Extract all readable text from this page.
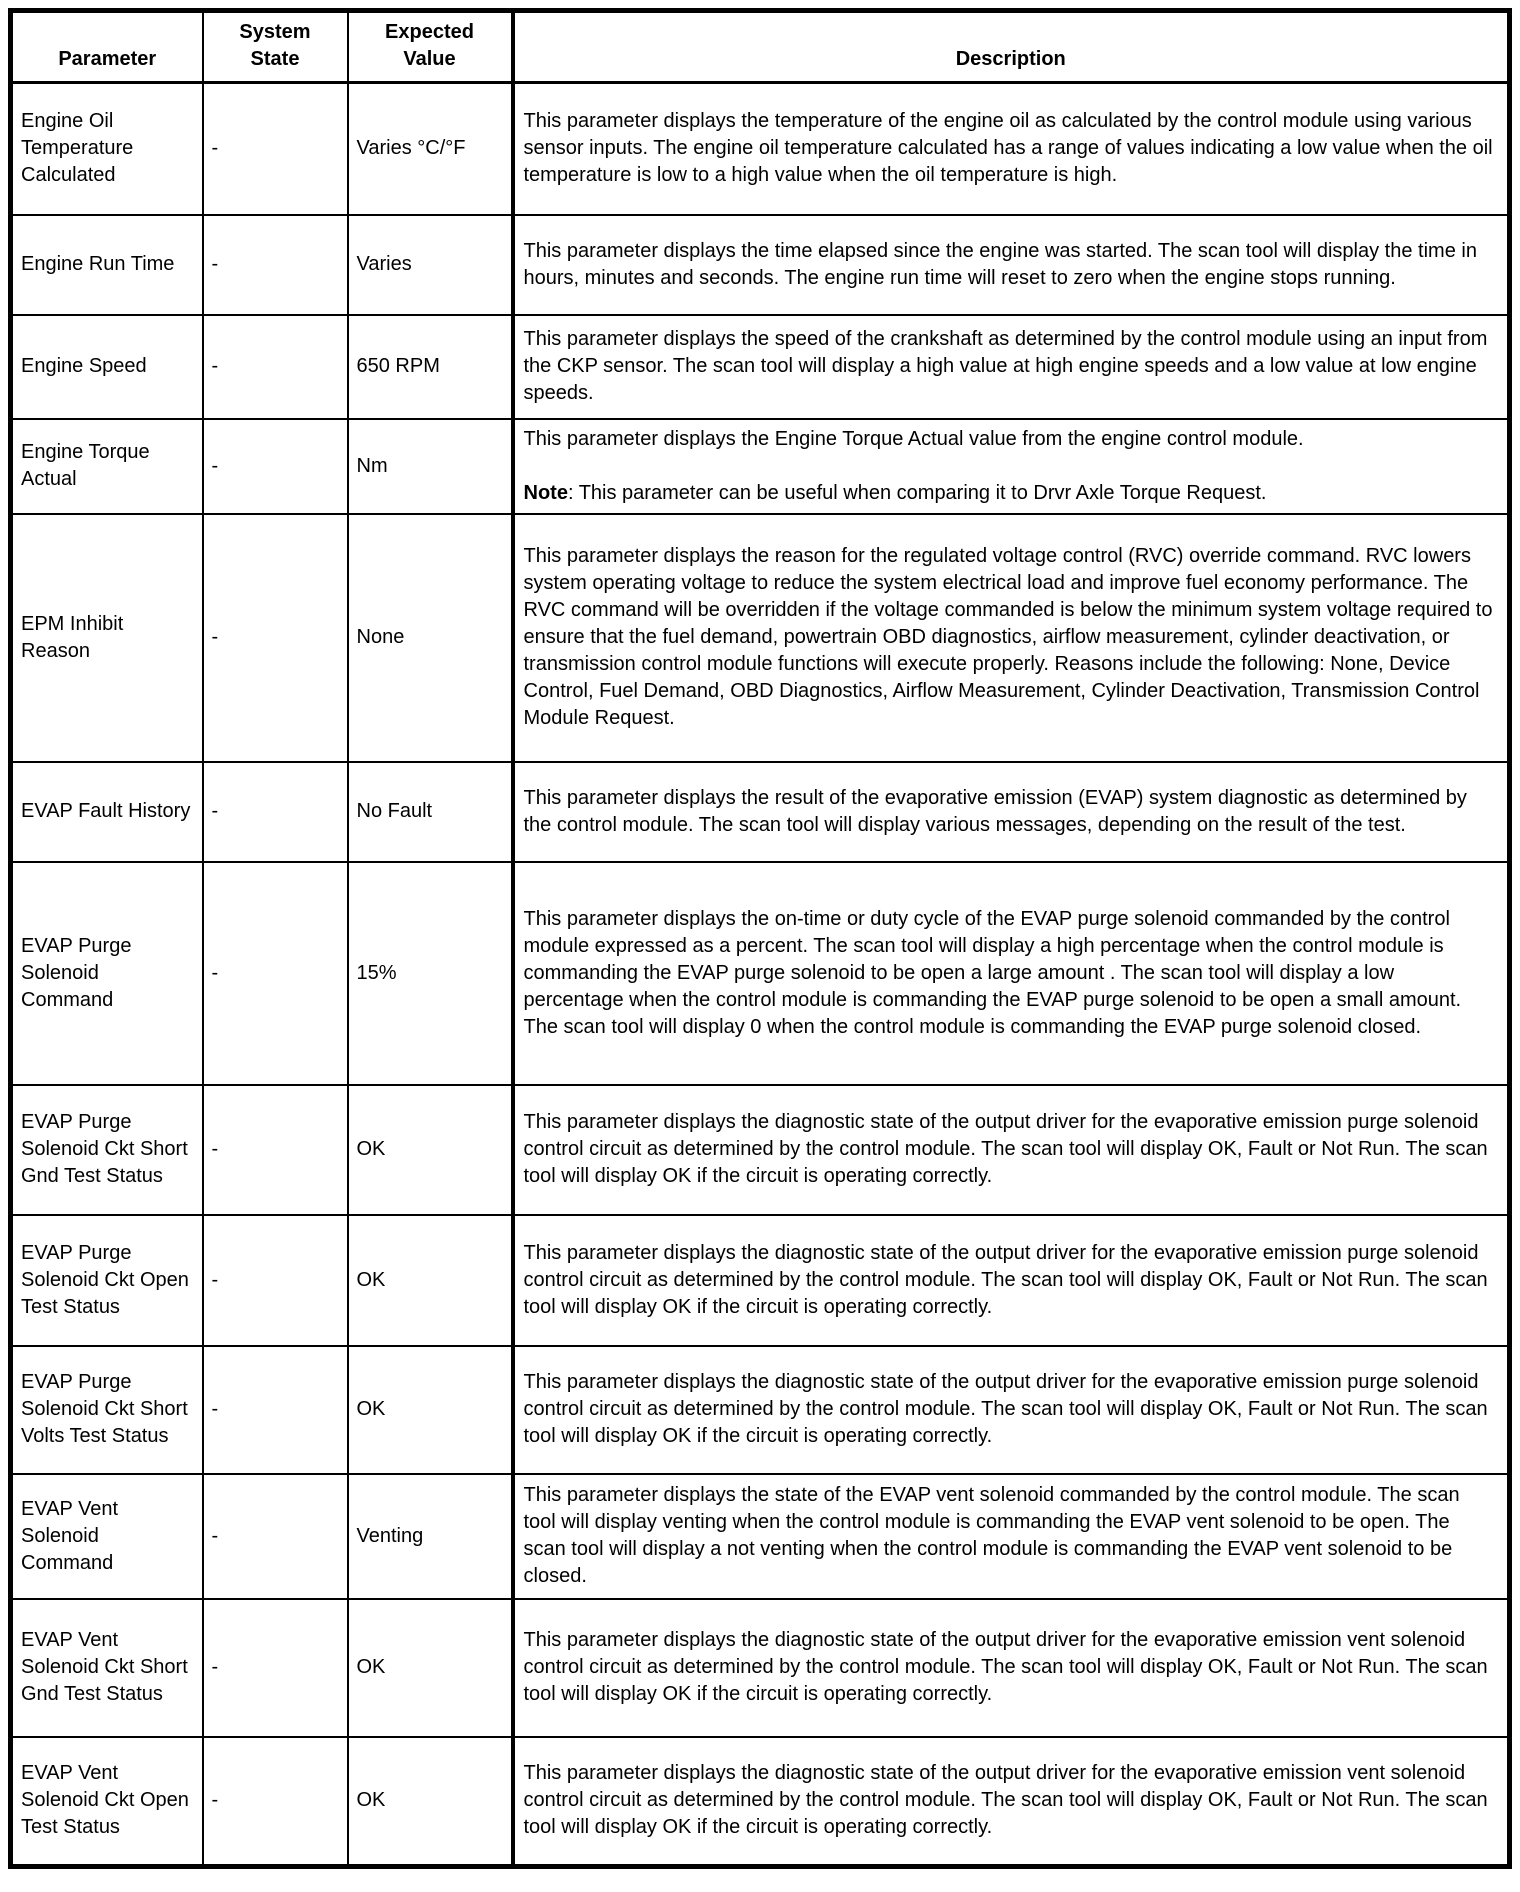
Parameter	System State	Expected Value	Description
Engine Oil Temperature Calculated	-	Varies °C/°F	This parameter displays the temperature of the engine oil as calculated by the control module using various sensor inputs. The engine oil temperature calculated has a range of values indicating a low value when the oil temperature is low to a high value when the oil temperature is high.
Engine Run Time	-	Varies	This parameter displays the time elapsed since the engine was started. The scan tool will display the time in hours, minutes and seconds. The engine run time will reset to zero when the engine stops running.
Engine Speed	-	650 RPM	This parameter displays the speed of the crankshaft as determined by the control module using an input from the CKP sensor. The scan tool will display a high value at high engine speeds and a low value at low engine speeds.
Engine Torque Actual	-	Nm	This parameter displays the Engine Torque Actual value from the engine control module.

Note: This parameter can be useful when comparing it to Drvr Axle Torque Request.

EPM Inhibit Reason	-	None	This parameter displays the reason for the regulated voltage control (RVC) override command. RVC lowers system operating voltage to reduce the system electrical load and improve fuel economy performance. The RVC command will be overridden if the voltage commanded is below the minimum system voltage required to ensure that the fuel demand, powertrain OBD diagnostics, airflow measurement, cylinder deactivation, or transmission control module functions will execute properly. Reasons include the following: None, Device Control, Fuel Demand, OBD Diagnostics, Airflow Measurement, Cylinder Deactivation, Transmission Control Module Request.
EVAP Fault History	-	No Fault	This parameter displays the result of the evaporative emission (EVAP) system diagnostic as determined by the control module. The scan tool will display various messages, depending on the result of the test.
EVAP Purge Solenoid Command	-	15%	This parameter displays the on-time or duty cycle of the EVAP purge solenoid commanded by the control module expressed as a percent. The scan tool will display a high percentage when the control module is commanding the EVAP purge solenoid to be open a large amount . The scan tool will display a low percentage when the control module is commanding the EVAP purge solenoid to be open a small amount. The scan tool will display 0 when the control module is commanding the EVAP purge solenoid closed.
EVAP Purge Solenoid Ckt Short Gnd Test Status	-	OK	This parameter displays the diagnostic state of the output driver for the evaporative emission purge solenoid control circuit as determined by the control module. The scan tool will display OK, Fault or Not Run. The scan tool will display OK if the circuit is operating correctly.
EVAP Purge Solenoid Ckt Open Test Status	-	OK	This parameter displays the diagnostic state of the output driver for the evaporative emission purge solenoid control circuit as determined by the control module. The scan tool will display OK, Fault or Not Run. The scan tool will display OK if the circuit is operating correctly.
EVAP Purge Solenoid Ckt Short Volts Test Status	-	OK	This parameter displays the diagnostic state of the output driver for the evaporative emission purge solenoid control circuit as determined by the control module. The scan tool will display OK, Fault or Not Run. The scan tool will display OK if the circuit is operating correctly.
EVAP Vent Solenoid Command	-	Venting	This parameter displays the state of the EVAP vent solenoid commanded by the control module. The scan tool will display venting when the control module is commanding the EVAP vent solenoid to be open. The scan tool will display a not venting when the control module is commanding the EVAP vent solenoid to be closed.
EVAP Vent Solenoid Ckt Short Gnd Test Status	-	OK	This parameter displays the diagnostic state of the output driver for the evaporative emission vent solenoid control circuit as determined by the control module. The scan tool will display OK, Fault or Not Run. The scan tool will display OK if the circuit is operating correctly.
EVAP Vent Solenoid Ckt Open Test Status	-	OK	This parameter displays the diagnostic state of the output driver for the evaporative emission vent solenoid control circuit as determined by the control module. The scan tool will display OK, Fault or Not Run. The scan tool will display OK if the circuit is operating correctly.
